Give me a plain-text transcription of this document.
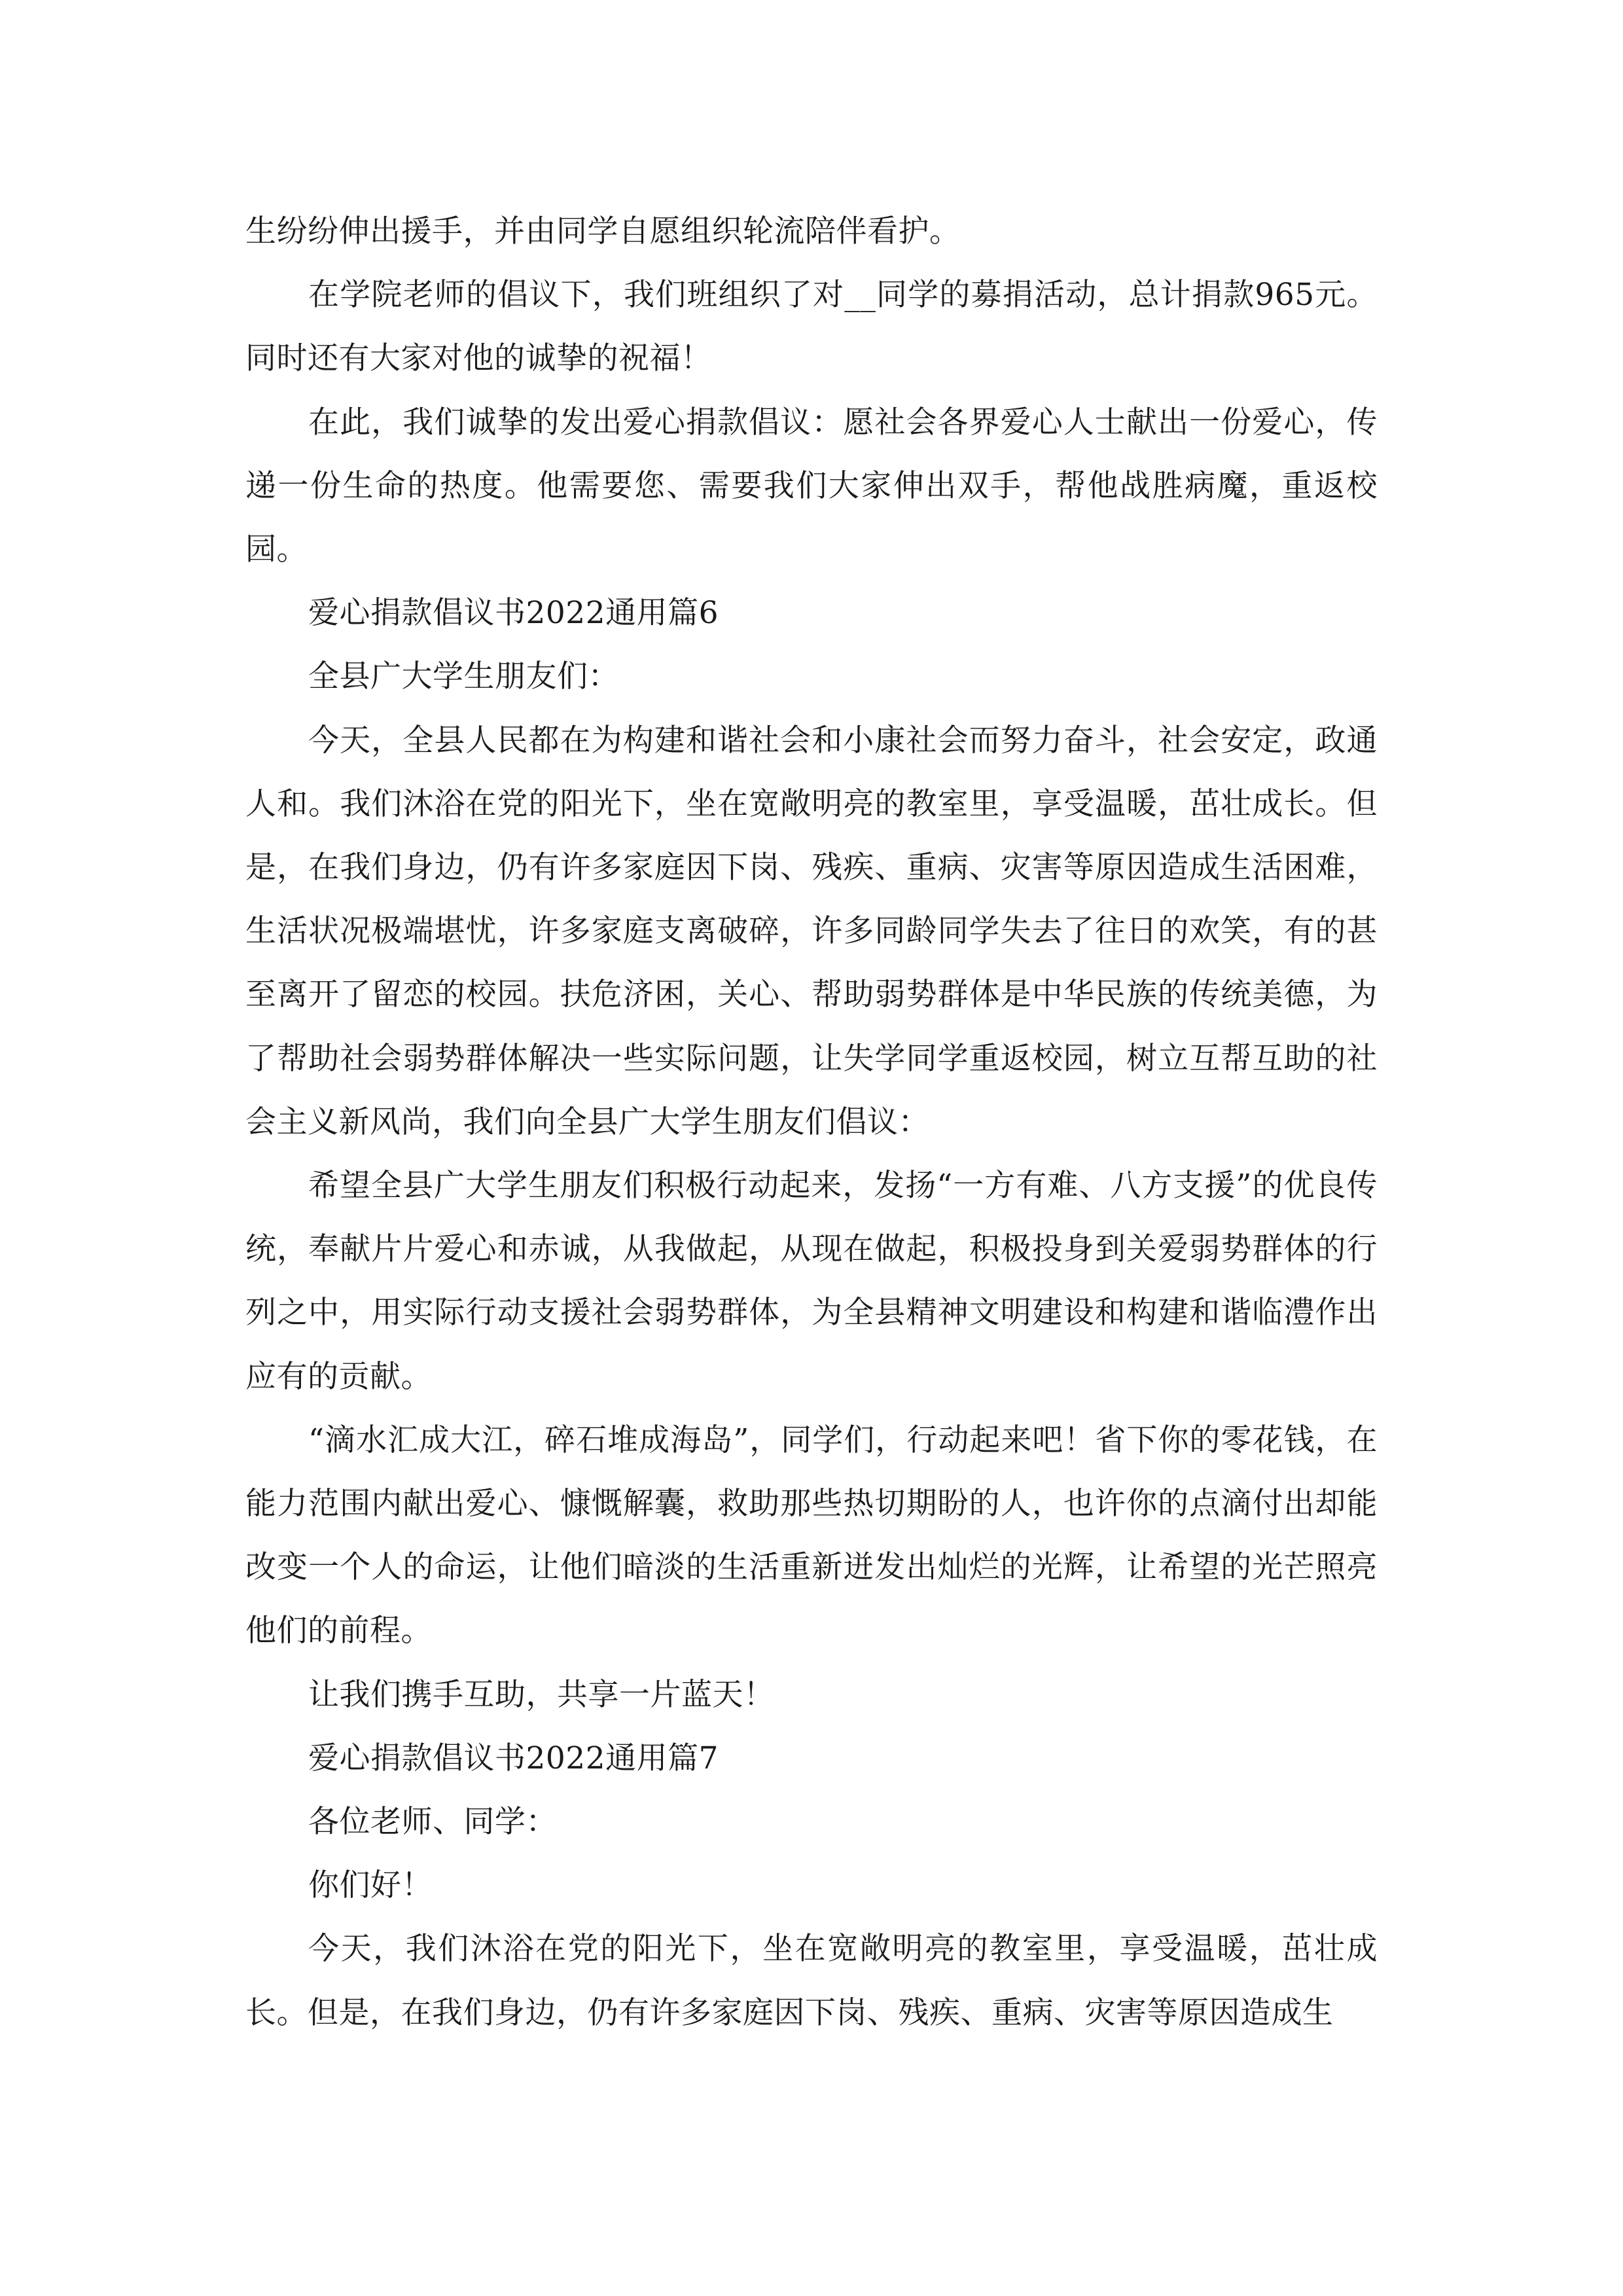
生纷纷伸出援手，并由同学自愿组织轮流陪伴看护。

在学院老师的倡议下，我们班组织了对__同学的募捐活动，总计捐款965元。同时还有大家对他的诚挚的祝福！

在此，我们诚挚的发出爱心捐款倡议：愿社会各界爱心人士献出一份爱心，传递一份生命的热度。他需要您、需要我们大家伸出双手，帮他战胜病魔，重返校园。

爱心捐款倡议书2022通用篇6

全县广大学生朋友们：

今天，全县人民都在为构建和谐社会和小康社会而努力奋斗，社会安定，政通人和。我们沐浴在党的阳光下，坐在宽敞明亮的教室里，享受温暖，茁壮成长。但是，在我们身边，仍有许多家庭因下岗、残疾、重病、灾害等原因造成生活困难，生活状况极端堪忧，许多家庭支离破碎，许多同龄同学失去了往日的欢笑，有的甚至离开了留恋的校园。扶危济困，关心、帮助弱势群体是中华民族的传统美德，为了帮助社会弱势群体解决一些实际问题，让失学同学重返校园，树立互帮互助的社会主义新风尚，我们向全县广大学生朋友们倡议：

希望全县广大学生朋友们积极行动起来，发扬“一方有难、八方支援”的优良传统，奉献片片爱心和赤诚，从我做起，从现在做起，积极投身到关爱弱势群体的行列之中，用实际行动支援社会弱势群体，为全县精神文明建设和构建和谐临澧作出应有的贡献。

“滴水汇成大江，碎石堆成海岛”，同学们，行动起来吧！省下你的零花钱，在能力范围内献出爱心、慷慨解囊，救助那些热切期盼的人，也许你的点滴付出却能改变一个人的命运，让他们暗淡的生活重新迸发出灿烂的光辉，让希望的光芒照亮他们的前程。

让我们携手互助，共享一片蓝天！

爱心捐款倡议书2022通用篇7

各位老师、同学：

你们好！

今天，我们沐浴在党的阳光下，坐在宽敞明亮的教室里，享受温暖，茁壮成长。但是，在我们身边，仍有许多家庭因下岗、残疾、重病、灾害等原因造成生
